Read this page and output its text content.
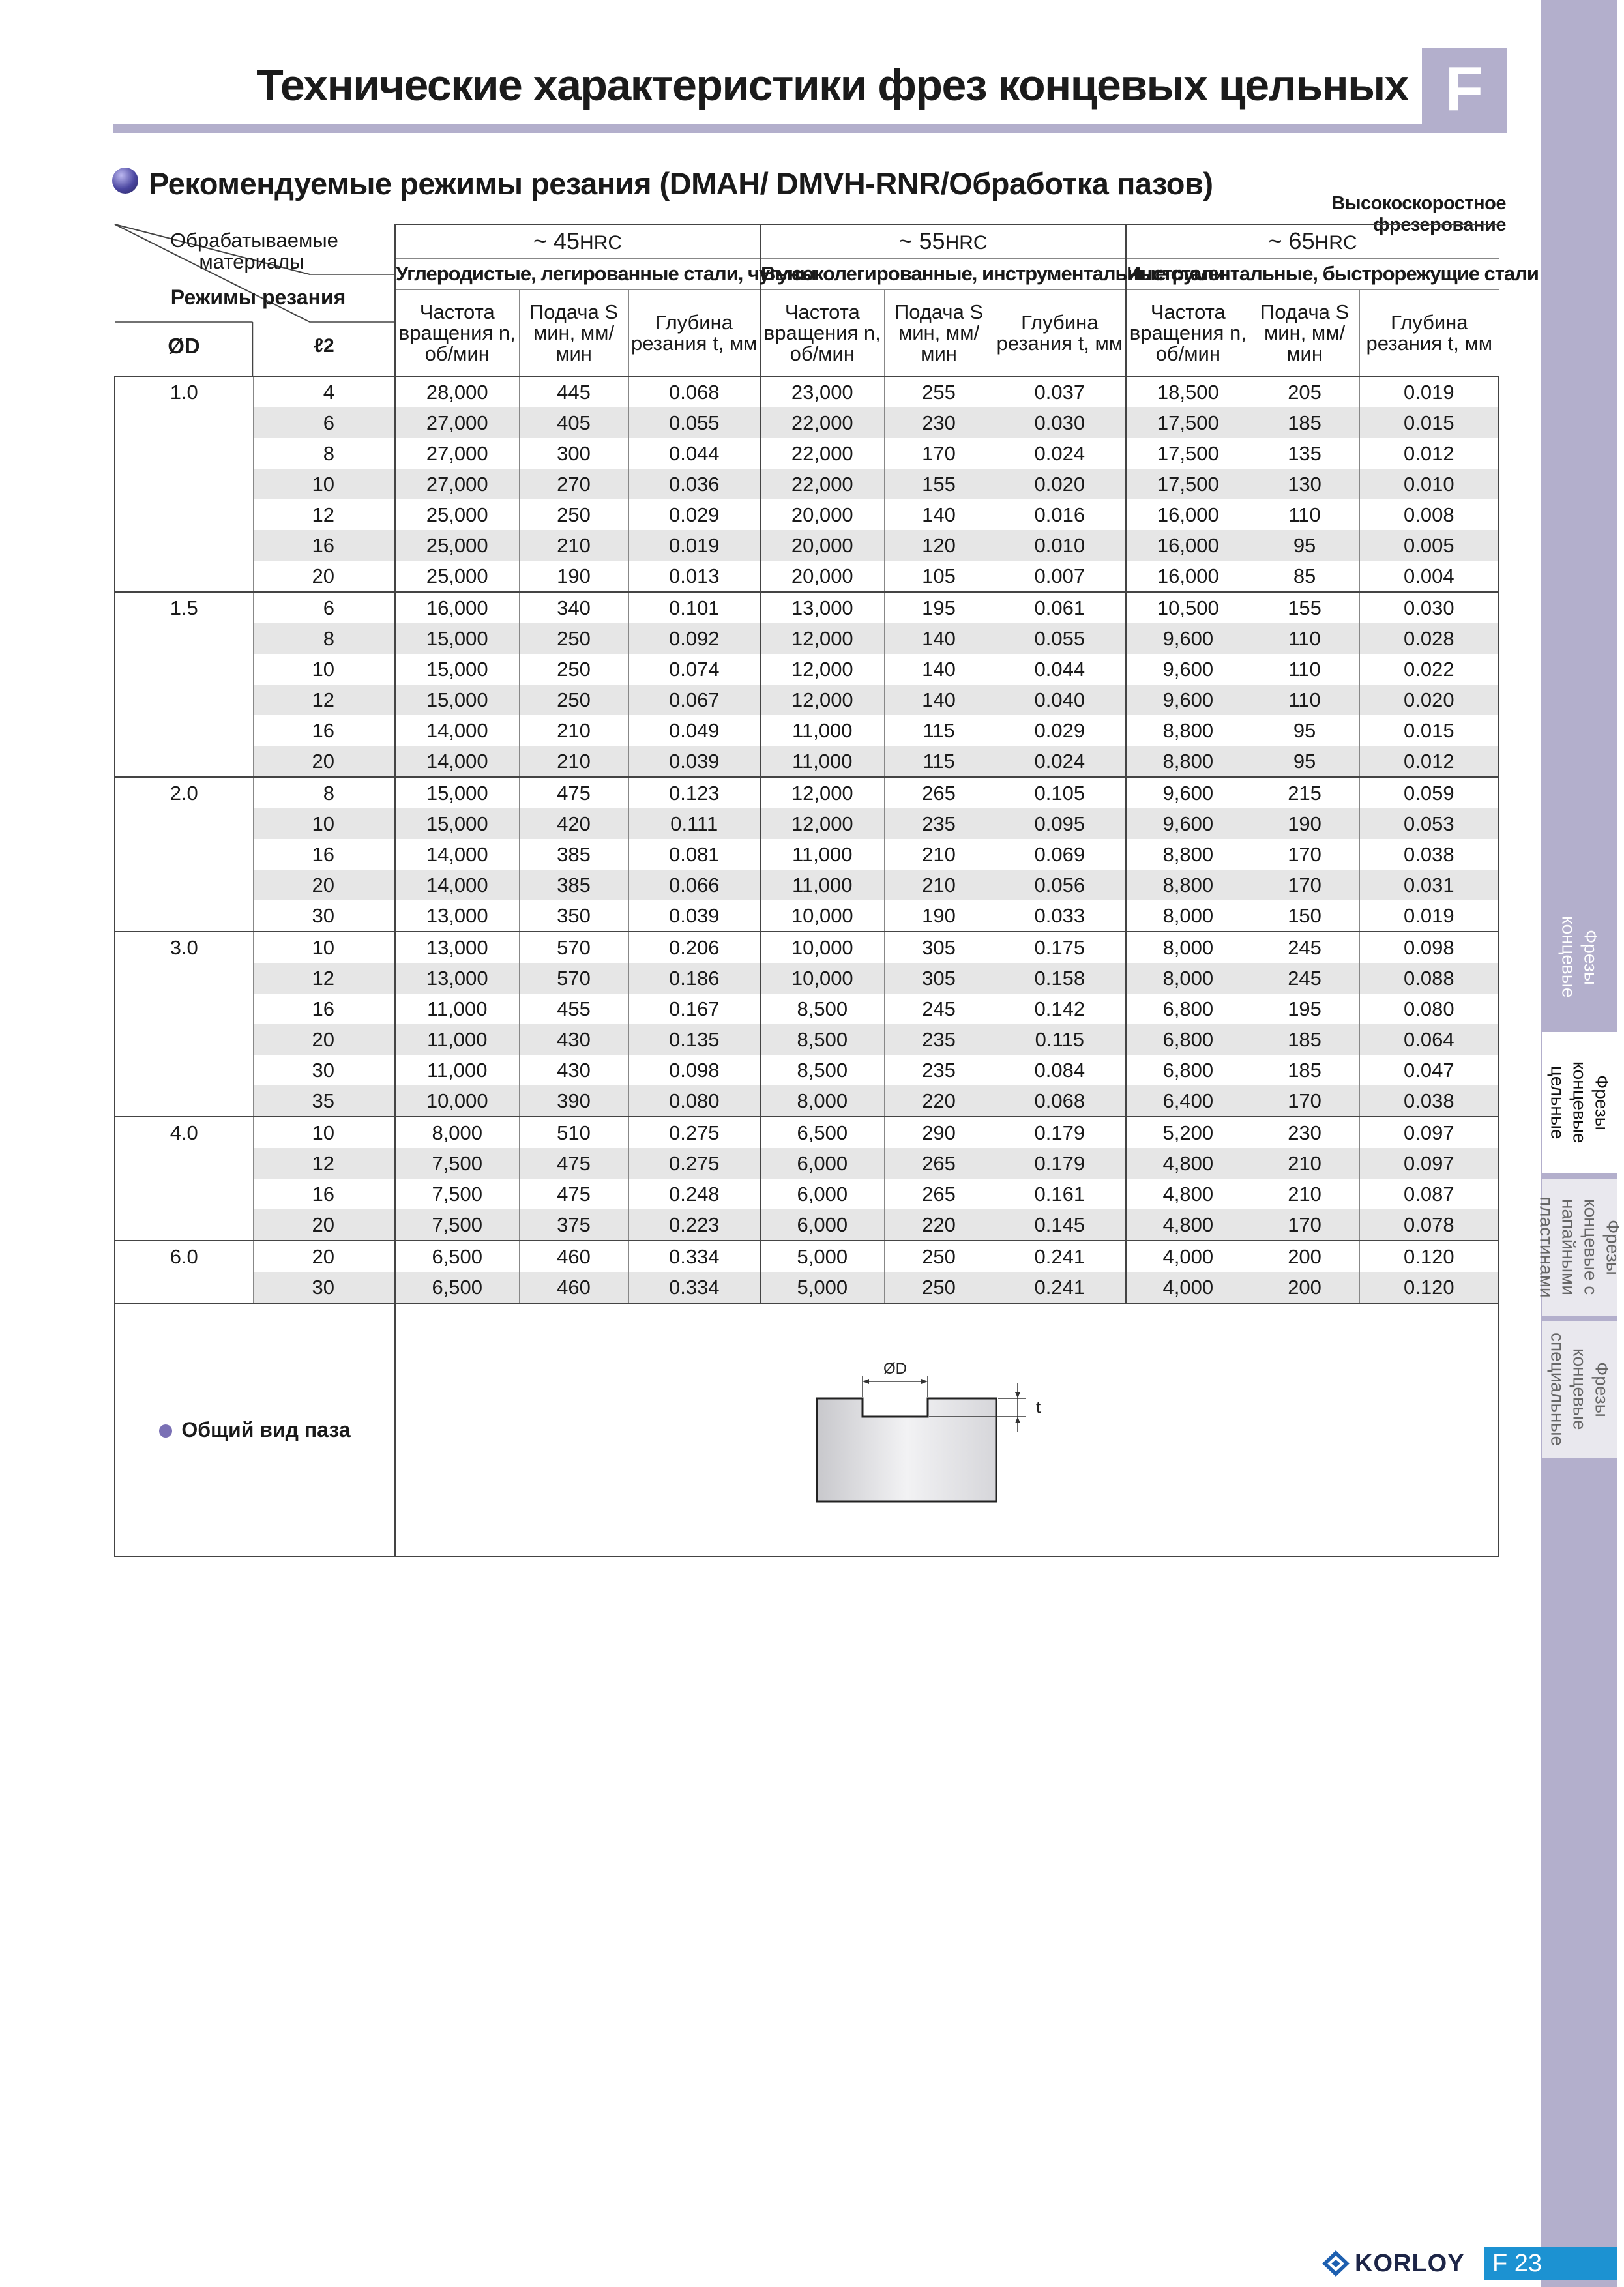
Технические характеристики фрез концевых цельных F
Фрезы концевые
Фрезы концевые цельные
Фрезы концевые с напайными пластинами
Фрезы концевые специальные
Рекомендуемые режимы резания (DMAH/ DMVH-RNR/Обработка пазов)
Высокоскоростное фрезерование
Обрабатываемые материалы
Режимы резания
ØD ℓ2		~ 45HRC			~ 55HRC			~ 65HRC		
		Углеродистые, легированные стали, чугуны			Высоколегированные, инструментальные стали			Инструментальные, быстрорежущие стали		
		Частота вращения n, об/мин	Подача S мин, мм/мин	Глубина резания t, мм	Частота вращения n, об/мин	Подача S мин, мм/мин	Глубина резания t, мм	Частота вращения n, об/мин	Подача S мин, мм/мин	Глубина резания t, мм
1.0	4	28,000	445	0.068	23,000	255	0.037	18,500	205	0.019
	6	27,000	405	0.055	22,000	230	0.030	17,500	185	0.015
	8	27,000	300	0.044	22,000	170	0.024	17,500	135	0.012
	10	27,000	270	0.036	22,000	155	0.020	17,500	130	0.010
	12	25,000	250	0.029	20,000	140	0.016	16,000	110	0.008
	16	25,000	210	0.019	20,000	120	0.010	16,000	95	0.005
	20	25,000	190	0.013	20,000	105	0.007	16,000	85	0.004
1.5	6	16,000	340	0.101	13,000	195	0.061	10,500	155	0.030
	8	15,000	250	0.092	12,000	140	0.055	9,600	110	0.028
	10	15,000	250	0.074	12,000	140	0.044	9,600	110	0.022
	12	15,000	250	0.067	12,000	140	0.040	9,600	110	0.020
	16	14,000	210	0.049	11,000	115	0.029	8,800	95	0.015
	20	14,000	210	0.039	11,000	115	0.024	8,800	95	0.012
2.0	8	15,000	475	0.123	12,000	265	0.105	9,600	215	0.059
	10	15,000	420	0.111	12,000	235	0.095	9,600	190	0.053
	16	14,000	385	0.081	11,000	210	0.069	8,800	170	0.038
	20	14,000	385	0.066	11,000	210	0.056	8,800	170	0.031
	30	13,000	350	0.039	10,000	190	0.033	8,000	150	0.019
3.0	10	13,000	570	0.206	10,000	305	0.175	8,000	245	0.098
	12	13,000	570	0.186	10,000	305	0.158	8,000	245	0.088
	16	11,000	455	0.167	8,500	245	0.142	6,800	195	0.080
	20	11,000	430	0.135	8,500	235	0.115	6,800	185	0.064
	30	11,000	430	0.098	8,500	235	0.084	6,800	185	0.047
	35	10,000	390	0.080	8,000	220	0.068	6,400	170	0.038
4.0	10	8,000	510	0.275	6,500	290	0.179	5,200	230	0.097
	12	7,500	475	0.275	6,000	265	0.179	4,800	210	0.097
	16	7,500	475	0.248	6,000	265	0.161	4,800	210	0.087
	20	7,500	375	0.223	6,000	220	0.145	4,800	170	0.078
6.0	20	6,500	460	0.334	5,000	250	0.241	4,000	200	0.120
	30	6,500	460	0.334	5,000	250	0.241	4,000	200	0.120
Общий вид паза		ØD
t								
KORLOY	F 23
